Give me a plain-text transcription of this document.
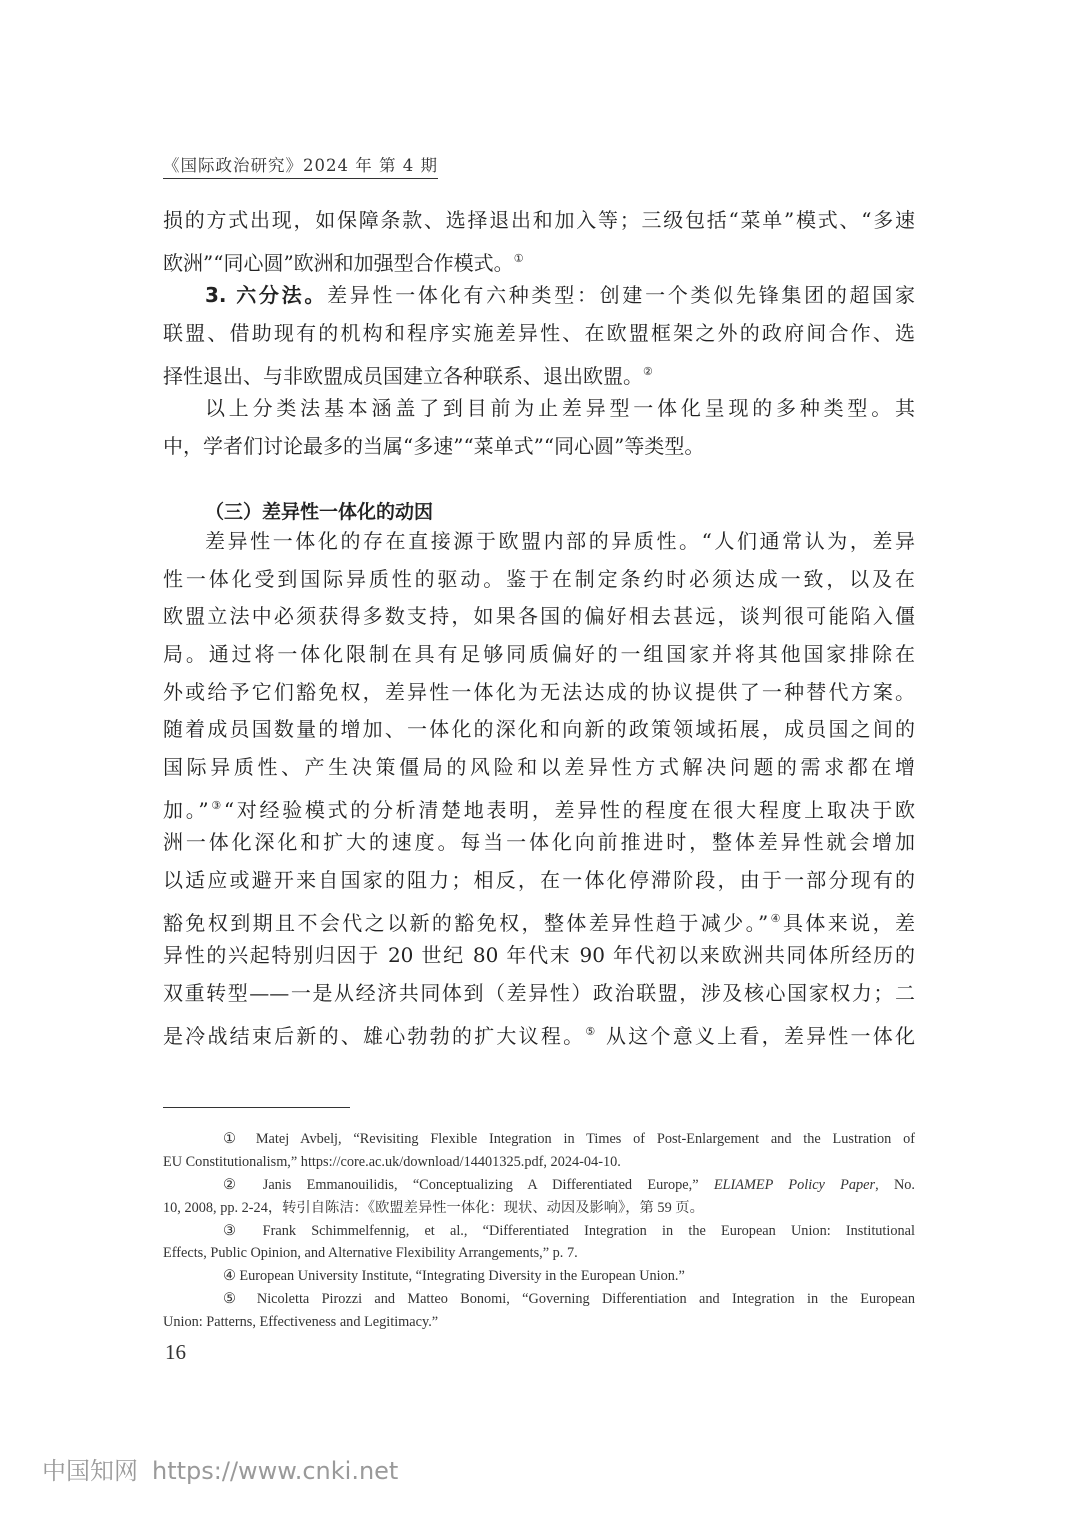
《国际政治研究》2024 年 第 4 期
损的方式出现，如保障条款、选择退出和加入等；三级包括“菜单”模式、“多速
欧洲”“同心圆”欧洲和加强型合作模式。①
3. 六分法。差异性一体化有六种类型：创建一个类似先锋集团的超国家
联盟、借助现有的机构和程序实施差异性、在欧盟框架之外的政府间合作、选
择性退出、与非欧盟成员国建立各种联系、退出欧盟。②
以上分类法基本涵盖了到目前为止差异型一体化呈现的多种类型。其
中，学者们讨论最多的当属“多速”“菜单式”“同心圆”等类型。
（三）差异性一体化的动因
差异性一体化的存在直接源于欧盟内部的异质性。“人们通常认为，差异
性一体化受到国际异质性的驱动。鉴于在制定条约时必须达成一致，以及在
欧盟立法中必须获得多数支持，如果各国的偏好相去甚远，谈判很可能陷入僵
局。通过将一体化限制在具有足够同质偏好的一组国家并将其他国家排除在
外或给予它们豁免权，差异性一体化为无法达成的协议提供了一种替代方案。
随着成员国数量的增加、一体化的深化和向新的政策领域拓展，成员国之间的
国际异质性、产生决策僵局的风险和以差异性方式解决问题的需求都在增
加。”③“对经验模式的分析清楚地表明，差异性的程度在很大程度上取决于欧
洲一体化深化和扩大的速度。每当一体化向前推进时，整体差异性就会增加
以适应或避开来自国家的阻力；相反，在一体化停滞阶段，由于一部分现有的
豁免权到期且不会代之以新的豁免权，整体差异性趋于减少。”④具体来说，差
异性的兴起特别归因于 20 世纪 80 年代末 90 年代初以来欧洲共同体所经历的
双重转型——一是从经济共同体到（差异性）政治联盟，涉及核心国家权力；二
是冷战结束后新的、雄心勃勃的扩大议程。⑤ 从这个意义上看，差异性一体化
① Matej Avbelj, “Revisiting Flexible Integration in Times of Post-Enlargement and the Lustration of
EU Constitutionalism,” https://core.ac.uk/download/14401325.pdf, 2024-04-10.
② Janis Emmanouilidis, “Conceptualizing A Differentiated Europe,” ELIAMEP Policy Paper, No.
10, 2008, pp. 2-24，转引自陈洁：《欧盟差异性一体化：现状、动因及影响》，第 59 页。
③ Frank Schimmelfennig, et al., “Differentiated Integration in the European Union: Institutional
Effects, Public Opinion, and Alternative Flexibility Arrangements,” p. 7.
④ European University Institute, “Integrating Diversity in the European Union.”
⑤ Nicoletta Pirozzi and Matteo Bonomi, “Governing Differentiation and Integration in the European
Union: Patterns, Effectiveness and Legitimacy.”
16
中国知网 https://www.cnki.net
